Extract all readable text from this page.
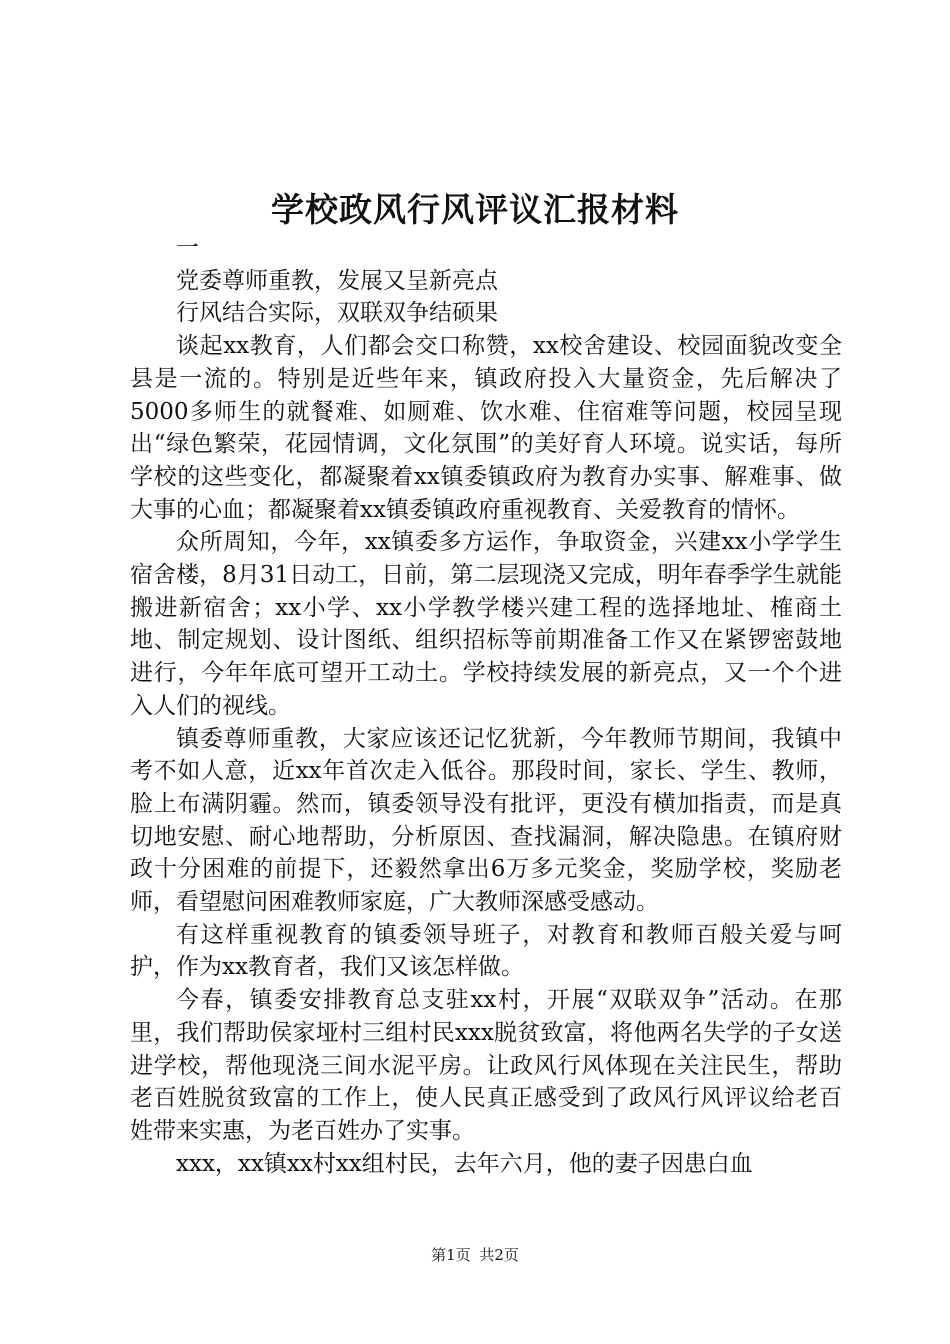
学校政风行风评议汇报材料

一

党委尊师重教，发展又呈新亮点

行风结合实际，双联双争结硕果

谈起xx教育，人们都会交口称赞，xx校舍建设、校园面貌改变全县是一流的。特别是近些年来，镇政府投入大量资金，先后解决了5000多师生的就餐难、如厕难、饮水难、住宿难等问题，校园呈现出“绿色繁荣，花园情调，文化氛围”的美好育人环境。说实话，每所学校的这些变化，都凝聚着xx镇委镇政府为教育办实事、解难事、做大事的心血；都凝聚着xx镇委镇政府重视教育、关爱教育的情怀。

众所周知，今年，xx镇委多方运作，争取资金，兴建xx小学学生宿舍楼，8月31日动工，日前，第二层现浇又完成，明年春季学生就能搬进新宿舍；xx小学、xx小学教学楼兴建工程的选择地址、榷商土地、制定规划、设计图纸、组织招标等前期准备工作又在紧锣密鼓地进行，今年年底可望开工动土。学校持续发展的新亮点，又一个个进入人们的视线。

镇委尊师重教，大家应该还记忆犹新，今年教师节期间，我镇中考不如人意，近xx年首次走入低谷。那段时间，家长、学生、教师，脸上布满阴霾。然而，镇委领导没有批评，更没有横加指责，而是真切地安慰、耐心地帮助，分析原因、查找漏洞，解决隐患。在镇府财政十分困难的前提下，还毅然拿出6万多元奖金，奖励学校，奖励老师，看望慰问困难教师家庭，广大教师深感受感动。

有这样重视教育的镇委领导班子，对教育和教师百般关爱与呵护，作为xx教育者，我们又该怎样做。

今春，镇委安排教育总支驻xx村，开展“双联双争”活动。在那里，我们帮助侯家垭村三组村民xxx脱贫致富，将他两名失学的子女送进学校，帮他现浇三间水泥平房。让政风行风体现在关注民生，帮助老百姓脱贫致富的工作上，使人民真正感受到了政风行风评议给老百姓带来实惠，为老百姓办了实事。

xxx，xx镇xx村xx组村民，去年六月，他的妻子因患白血

第1页 共2页
